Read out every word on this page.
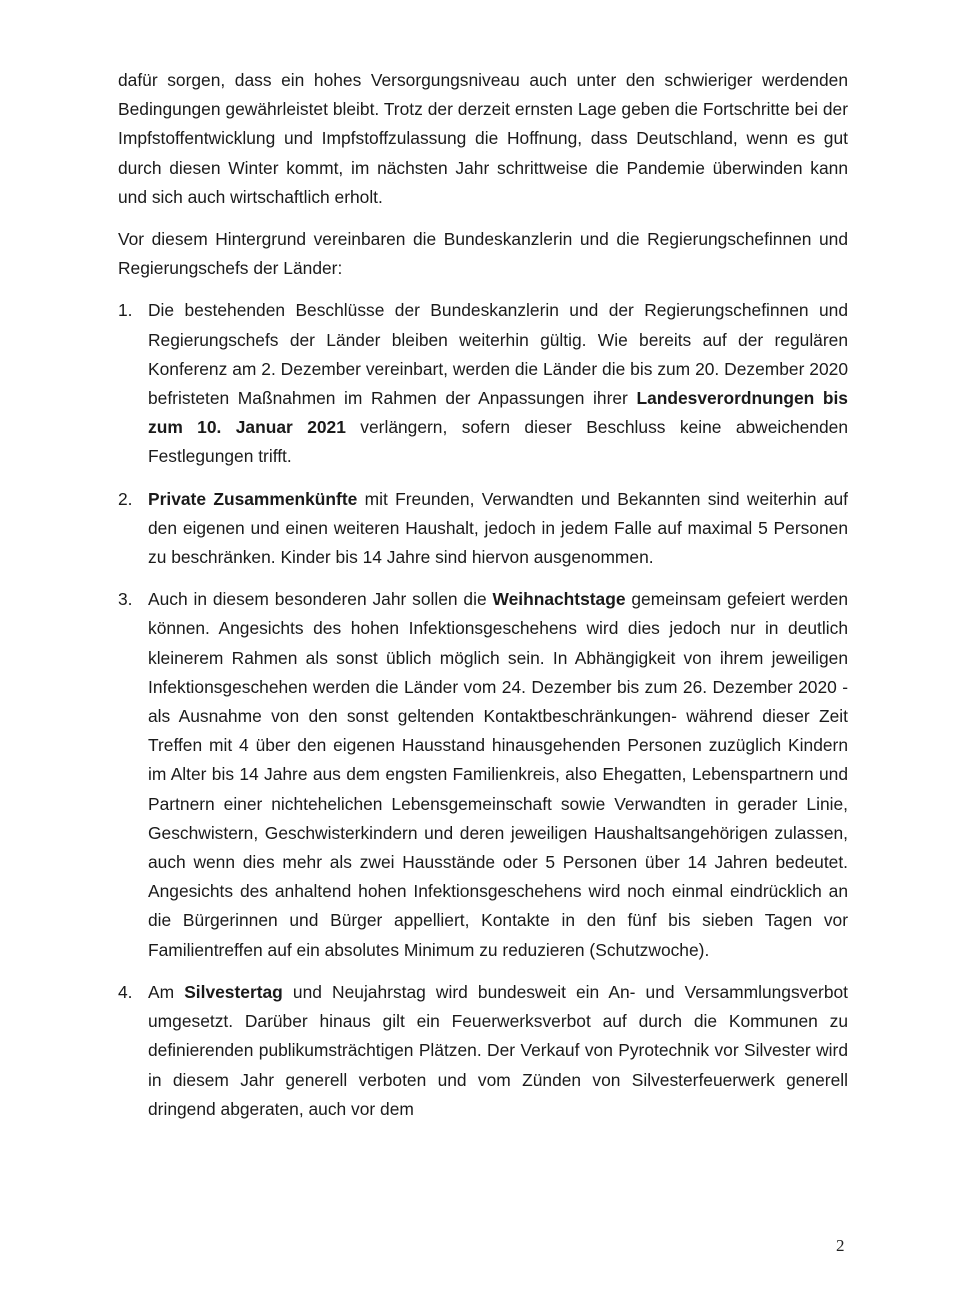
dafür sorgen, dass ein hohes Versorgungsniveau auch unter den schwieriger werdenden Bedingungen gewährleistet bleibt. Trotz der derzeit ernsten Lage geben die Fortschritte bei der Impfstoffentwicklung und Impfstoffzulassung die Hoffnung, dass Deutschland, wenn es gut durch diesen Winter kommt, im nächsten Jahr schrittweise die Pandemie überwinden kann und sich auch wirtschaftlich erholt.

Vor diesem Hintergrund vereinbaren die Bundeskanzlerin und die Regierungschefinnen und Regierungschefs der Länder:

1. Die bestehenden Beschlüsse der Bundeskanzlerin und der Regierungschefinnen und Regierungschefs der Länder bleiben weiterhin gültig. Wie bereits auf der regulären Konferenz am 2. Dezember vereinbart, werden die Länder die bis zum 20. Dezember 2020 befristeten Maßnahmen im Rahmen der Anpassungen ihrer Landesverordnungen bis zum 10. Januar 2021 verlängern, sofern dieser Beschluss keine abweichenden Festlegungen trifft.
2. Private Zusammenkünfte mit Freunden, Verwandten und Bekannten sind weiterhin auf den eigenen und einen weiteren Haushalt, jedoch in jedem Falle auf maximal 5 Personen zu beschränken. Kinder bis 14 Jahre sind hiervon ausgenommen.
3. Auch in diesem besonderen Jahr sollen die Weihnachtstage gemeinsam gefeiert werden können. Angesichts des hohen Infektionsgeschehens wird dies jedoch nur in deutlich kleinerem Rahmen als sonst üblich möglich sein. In Abhängigkeit von ihrem jeweiligen Infektionsgeschehen werden die Länder vom 24. Dezember bis zum 26. Dezember 2020 -als Ausnahme von den sonst geltenden Kontaktbeschränkungen- während dieser Zeit Treffen mit 4 über den eigenen Hausstand hinausgehenden Personen zuzüglich Kindern im Alter bis 14 Jahre aus dem engsten Familienkreis, also Ehegatten, Lebenspartnern und Partnern einer nichtehelichen Lebensgemeinschaft sowie Verwandten in gerader Linie, Geschwistern, Geschwisterkindern und deren jeweiligen Haushaltsangehörigen zulassen, auch wenn dies mehr als zwei Hausstände oder 5 Personen über 14 Jahren bedeutet. Angesichts des anhaltend hohen Infektionsgeschehens wird noch einmal eindrücklich an die Bürgerinnen und Bürger appelliert, Kontakte in den fünf bis sieben Tagen vor Familientreffen auf ein absolutes Minimum zu reduzieren (Schutzwoche).
4. Am Silvestertag und Neujahrstag wird bundesweit ein An- und Versammlungsverbot umgesetzt. Darüber hinaus gilt ein Feuerwerksverbot auf durch die Kommunen zu definierenden publikumsträchtigen Plätzen. Der Verkauf von Pyrotechnik vor Silvester wird in diesem Jahr generell verboten und vom Zünden von Silvesterfeuerwerk generell dringend abgeraten, auch vor dem
2
